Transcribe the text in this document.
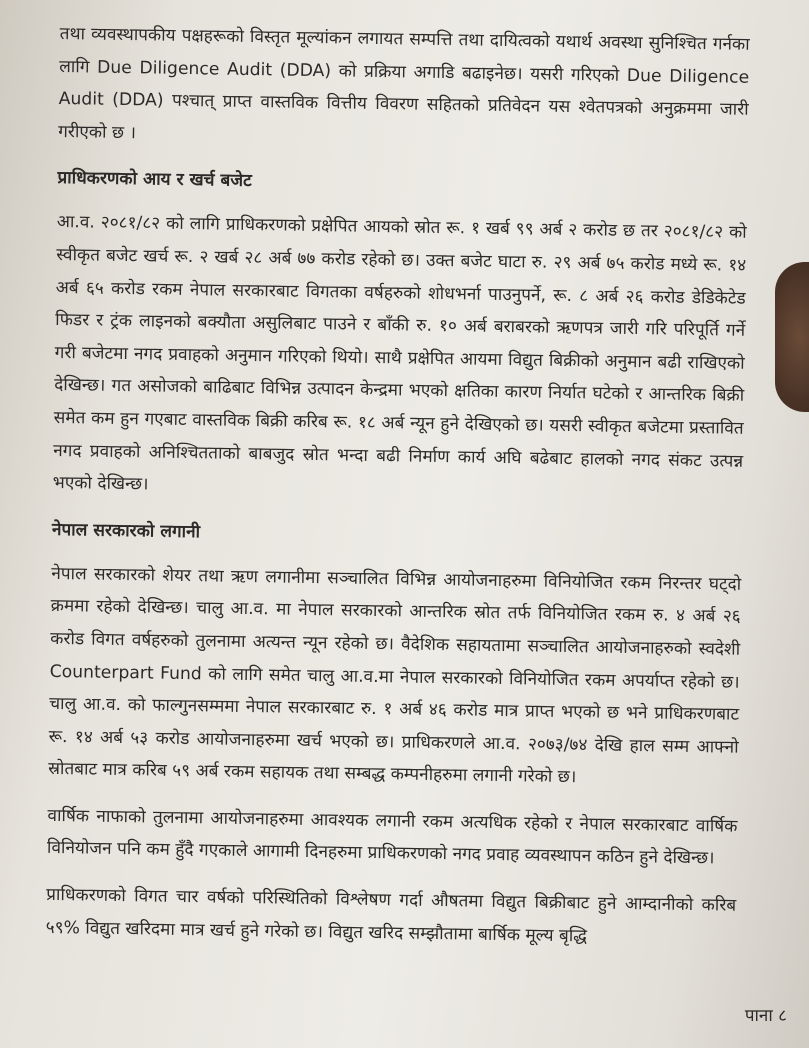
तथा व्यवस्थापकीय पक्षहरूको विस्तृत मूल्यांकन लगायत सम्पत्ति तथा दायित्वको यथार्थ अवस्था सुनिश्चित गर्नका लागि Due Diligence Audit (DDA) को प्रक्रिया अगाडि बढाइनेछ। यसरी गरिएको Due Diligence Audit (DDA) पश्चात् प्राप्त वास्तविक वित्तीय विवरण सहितको प्रतिवेदन यस श्वेतपत्रको अनुक्रममा जारी गरीएको छ ।

प्राधिकरणको आय र खर्च बजेट

आ.व. २०८१/८२ को लागि प्राधिकरणको प्रक्षेपित आयको स्रोत रू. १ खर्ब ९९ अर्ब २ करोड छ तर २०८१/८२ को स्वीकृत बजेट खर्च रू. २ खर्ब २८ अर्ब ७७ करोड रहेको छ। उक्त बजेट घाटा रु. २९ अर्ब ७५ करोड मध्ये रू. १४ अर्ब ६५ करोड रकम नेपाल सरकारबाट विगतका वर्षहरुको शोधभर्ना पाउनुपर्ने, रू. ८ अर्ब २६ करोड डेडिकेटेड फिडर र ट्रंक लाइनको बक्यौता असुलिबाट पाउने र बाँकी रु. १० अर्ब बराबरको ऋणपत्र जारी गरि परिपूर्ति गर्ने गरी बजेटमा नगद प्रवाहको अनुमान गरिएको थियो। साथै प्रक्षेपित आयमा विद्युत बिक्रीको अनुमान बढी राखिएको देखिन्छ। गत असोजको बाढिबाट विभिन्न उत्पादन केन्द्रमा भएको क्षतिका कारण निर्यात घटेको र आन्तरिक बिक्री समेत कम हुन गएबाट वास्तविक बिक्री करिब रू. १८ अर्ब न्यून हुने देखिएको छ। यसरी स्वीकृत बजेटमा प्रस्तावित नगद प्रवाहको अनिश्चितताको बाबजुद स्रोत भन्दा बढी निर्माण कार्य अघि बढेबाट हालको नगद संकट उत्पन्न भएको देखिन्छ।

नेपाल सरकारको लगानी

नेपाल सरकारको शेयर तथा ऋण लगानीमा सञ्चालित विभिन्न आयोजनाहरुमा विनियोजित रकम निरन्तर घट्दो क्रममा रहेको देखिन्छ। चालु आ.व. मा नेपाल सरकारको आन्तरिक स्रोत तर्फ विनियोजित रकम रु. ४ अर्ब २६ करोड विगत वर्षहरुको तुलनामा अत्यन्त न्यून रहेको छ। वैदेशिक सहायतामा सञ्चालित आयोजनाहरुको स्वदेशी Counterpart Fund को लागि समेत चालु आ.व.मा नेपाल सरकारको विनियोजित रकम अपर्याप्त रहेको छ। चालु आ.व. को फाल्गुनसम्ममा नेपाल सरकारबाट रु. १ अर्ब ४६ करोड मात्र प्राप्त भएको छ भने प्राधिकरणबाट रू. १४ अर्ब ५३ करोड आयोजनाहरुमा खर्च भएको छ। प्राधिकरणले आ.व. २०७३/७४ देखि हाल सम्म आफ्नो स्रोतबाट मात्र करिब ५९ अर्ब रकम सहायक तथा सम्बद्ध कम्पनीहरुमा लगानी गरेको छ।

वार्षिक नाफाको तुलनामा आयोजनाहरुमा आवश्यक लगानी रकम अत्यधिक रहेको र नेपाल सरकारबाट वार्षिक विनियोजन पनि कम हुँदै गएकाले आगामी दिनहरुमा प्राधिकरणको नगद प्रवाह व्यवस्थापन कठिन हुने देखिन्छ।

प्राधिकरणको विगत चार वर्षको परिस्थितिको विश्लेषण गर्दा औषतमा विद्युत बिक्रीबाट हुने आम्दानीको करिब ५९% विद्युत खरिदमा मात्र खर्च हुने गरेको छ। विद्युत खरिद सम्झौतामा बार्षिक मूल्य बृद्धि

पाना ८
